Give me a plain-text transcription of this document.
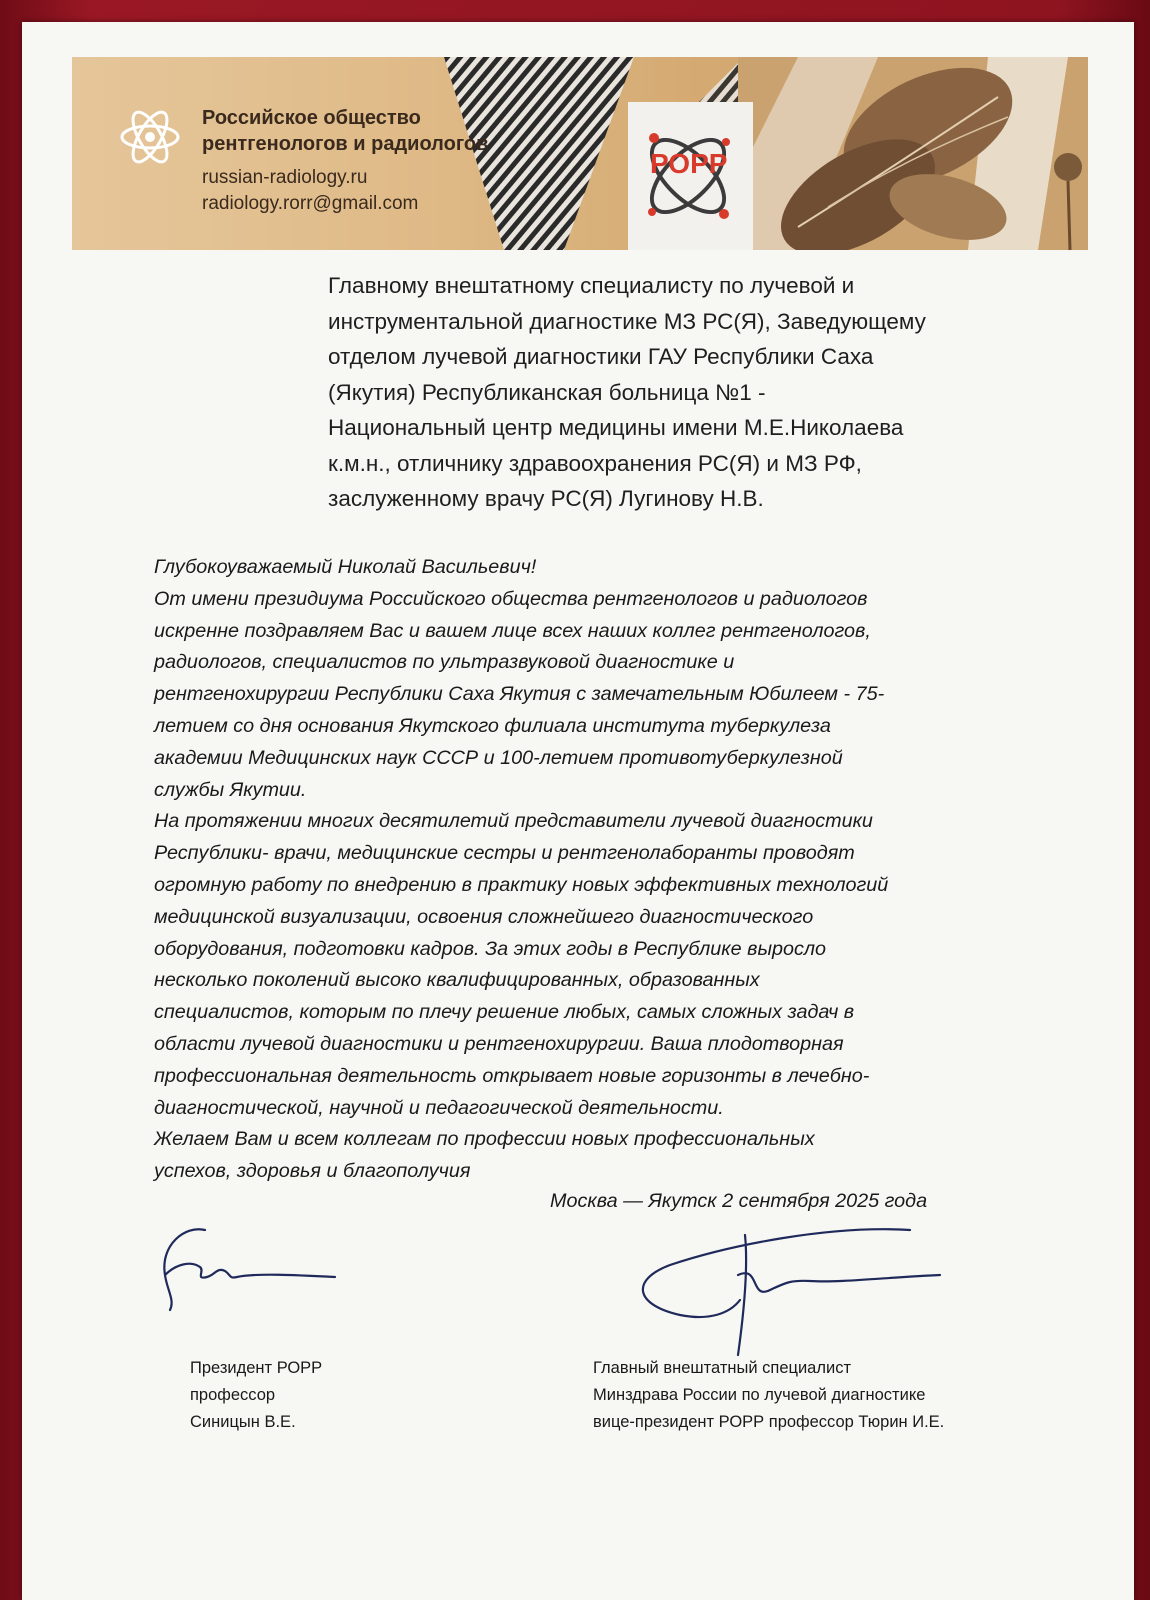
Российское общество
рентгенологов и радиологов
russian-radiology.ru
radiology.rorr@gmail.com
РОРР
Главному внештатному специалисту по лучевой и
инструментальной диагностике МЗ РС(Я), Заведующему
отделом лучевой диагностики ГАУ Республики Саха
(Якутия) Республиканская больница №1 -
Национальный центр медицины имени М.Е.Николаева
к.м.н., отличнику здравоохранения РС(Я) и МЗ РФ,
заслуженному врачу РС(Я) Лугинову Н.В.
Глубокоуважаемый Николай Васильевич!
От имени президиума Российского общества рентгенологов и радиологов
искренне поздравляем Вас и вашем лице всех наших коллег рентгенологов,
радиологов, специалистов по ультразвуковой диагностике и
рентгенохирургии Республики Саха Якутия с замечательным Юбилеем - 75-
летием со дня основания Якутского филиала института туберкулеза
академии Медицинских наук СССР и 100-летием противотуберкулезной
службы Якутии.
На протяжении многих десятилетий представители лучевой диагностики
Республики- врачи, медицинские сестры и рентгенолаборанты проводят
огромную работу по внедрению в практику новых эффективных технологий
медицинской визуализации, освоения сложнейшего диагностического
оборудования, подготовки кадров. За этих годы в Республике выросло
несколько поколений высоко квалифицированных, образованных
специалистов, которым по плечу решение любых, самых сложных задач в
области лучевой диагностики и рентгенохирургии. Ваша плодотворная
профессиональная деятельность открывает новые горизонты в лечебно-
диагностической, научной и педагогической деятельности.
Желаем Вам и всем коллегам по профессии новых профессиональных
успехов, здоровья и благополучия
Москва — Якутск 2 сентября 2025 года
Президент РОРР
профессор
Синицын В.Е.
Главный внештатный специалист
Минздрава России по лучевой диагностике
вице-президент РОРР профессор Тюрин И.Е.
